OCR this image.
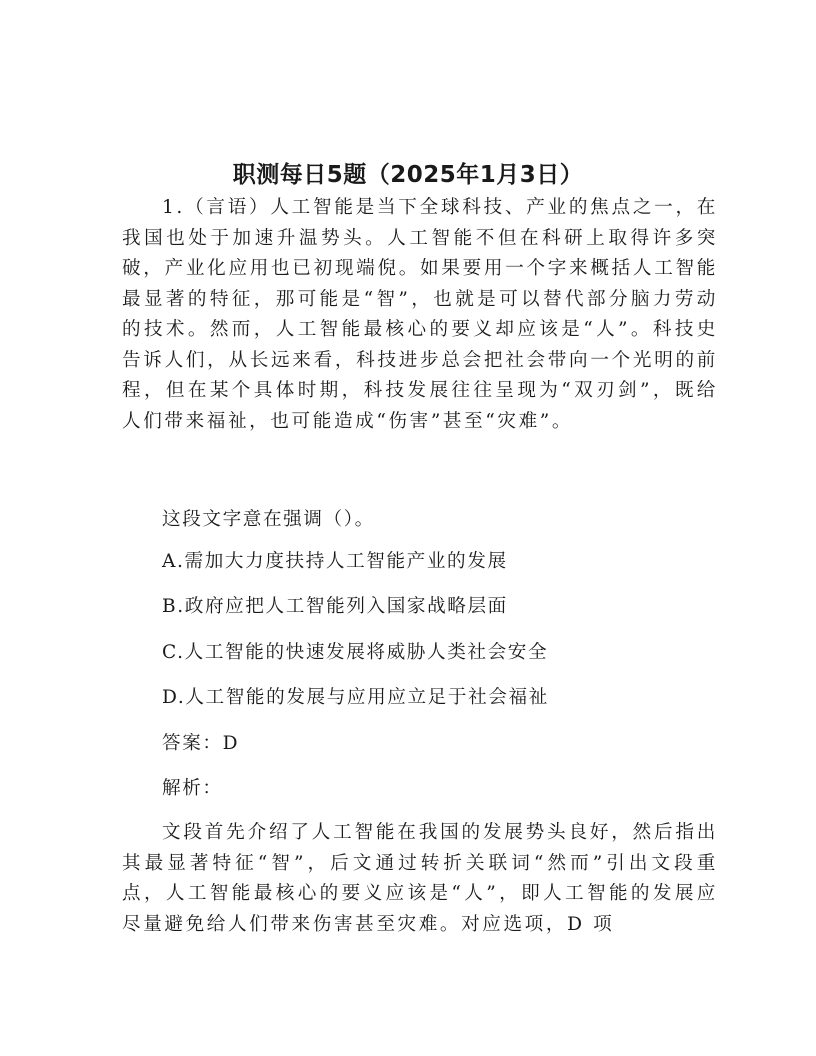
职测每日5题（2025年1月3日）

1.（言语）人工智能是当下全球科技、产业的焦点之一，在我国也处于加速升温势头。人工智能不但在科研上取得许多突破，产业化应用也已初现端倪。如果要用一个字来概括人工智能最显著的特征，那可能是“智”，也就是可以替代部分脑力劳动的技术。然而，人工智能最核心的要义却应该是“人”。科技史告诉人们，从长远来看，科技进步总会把社会带向一个光明的前程，但在某个具体时期，科技发展往往呈现为“双刃剑”，既给人们带来福祉，也可能造成“伤害”甚至“灾难”。

这段文字意在强调（）。

A.需加大力度扶持人工智能产业的发展

B.政府应把人工智能列入国家战略层面

C.人工智能的快速发展将威胁人类社会安全

D.人工智能的发展与应用应立足于社会福祉

答案：D

解析：

文段首先介绍了人工智能在我国的发展势头良好，然后指出其最显著特征“智”，后文通过转折关联词“然而”引出文段重点，人工智能最核心的要义应该是“人”，即人工智能的发展应尽量避免给人们带来伤害甚至灾难。对应选项，D 项
